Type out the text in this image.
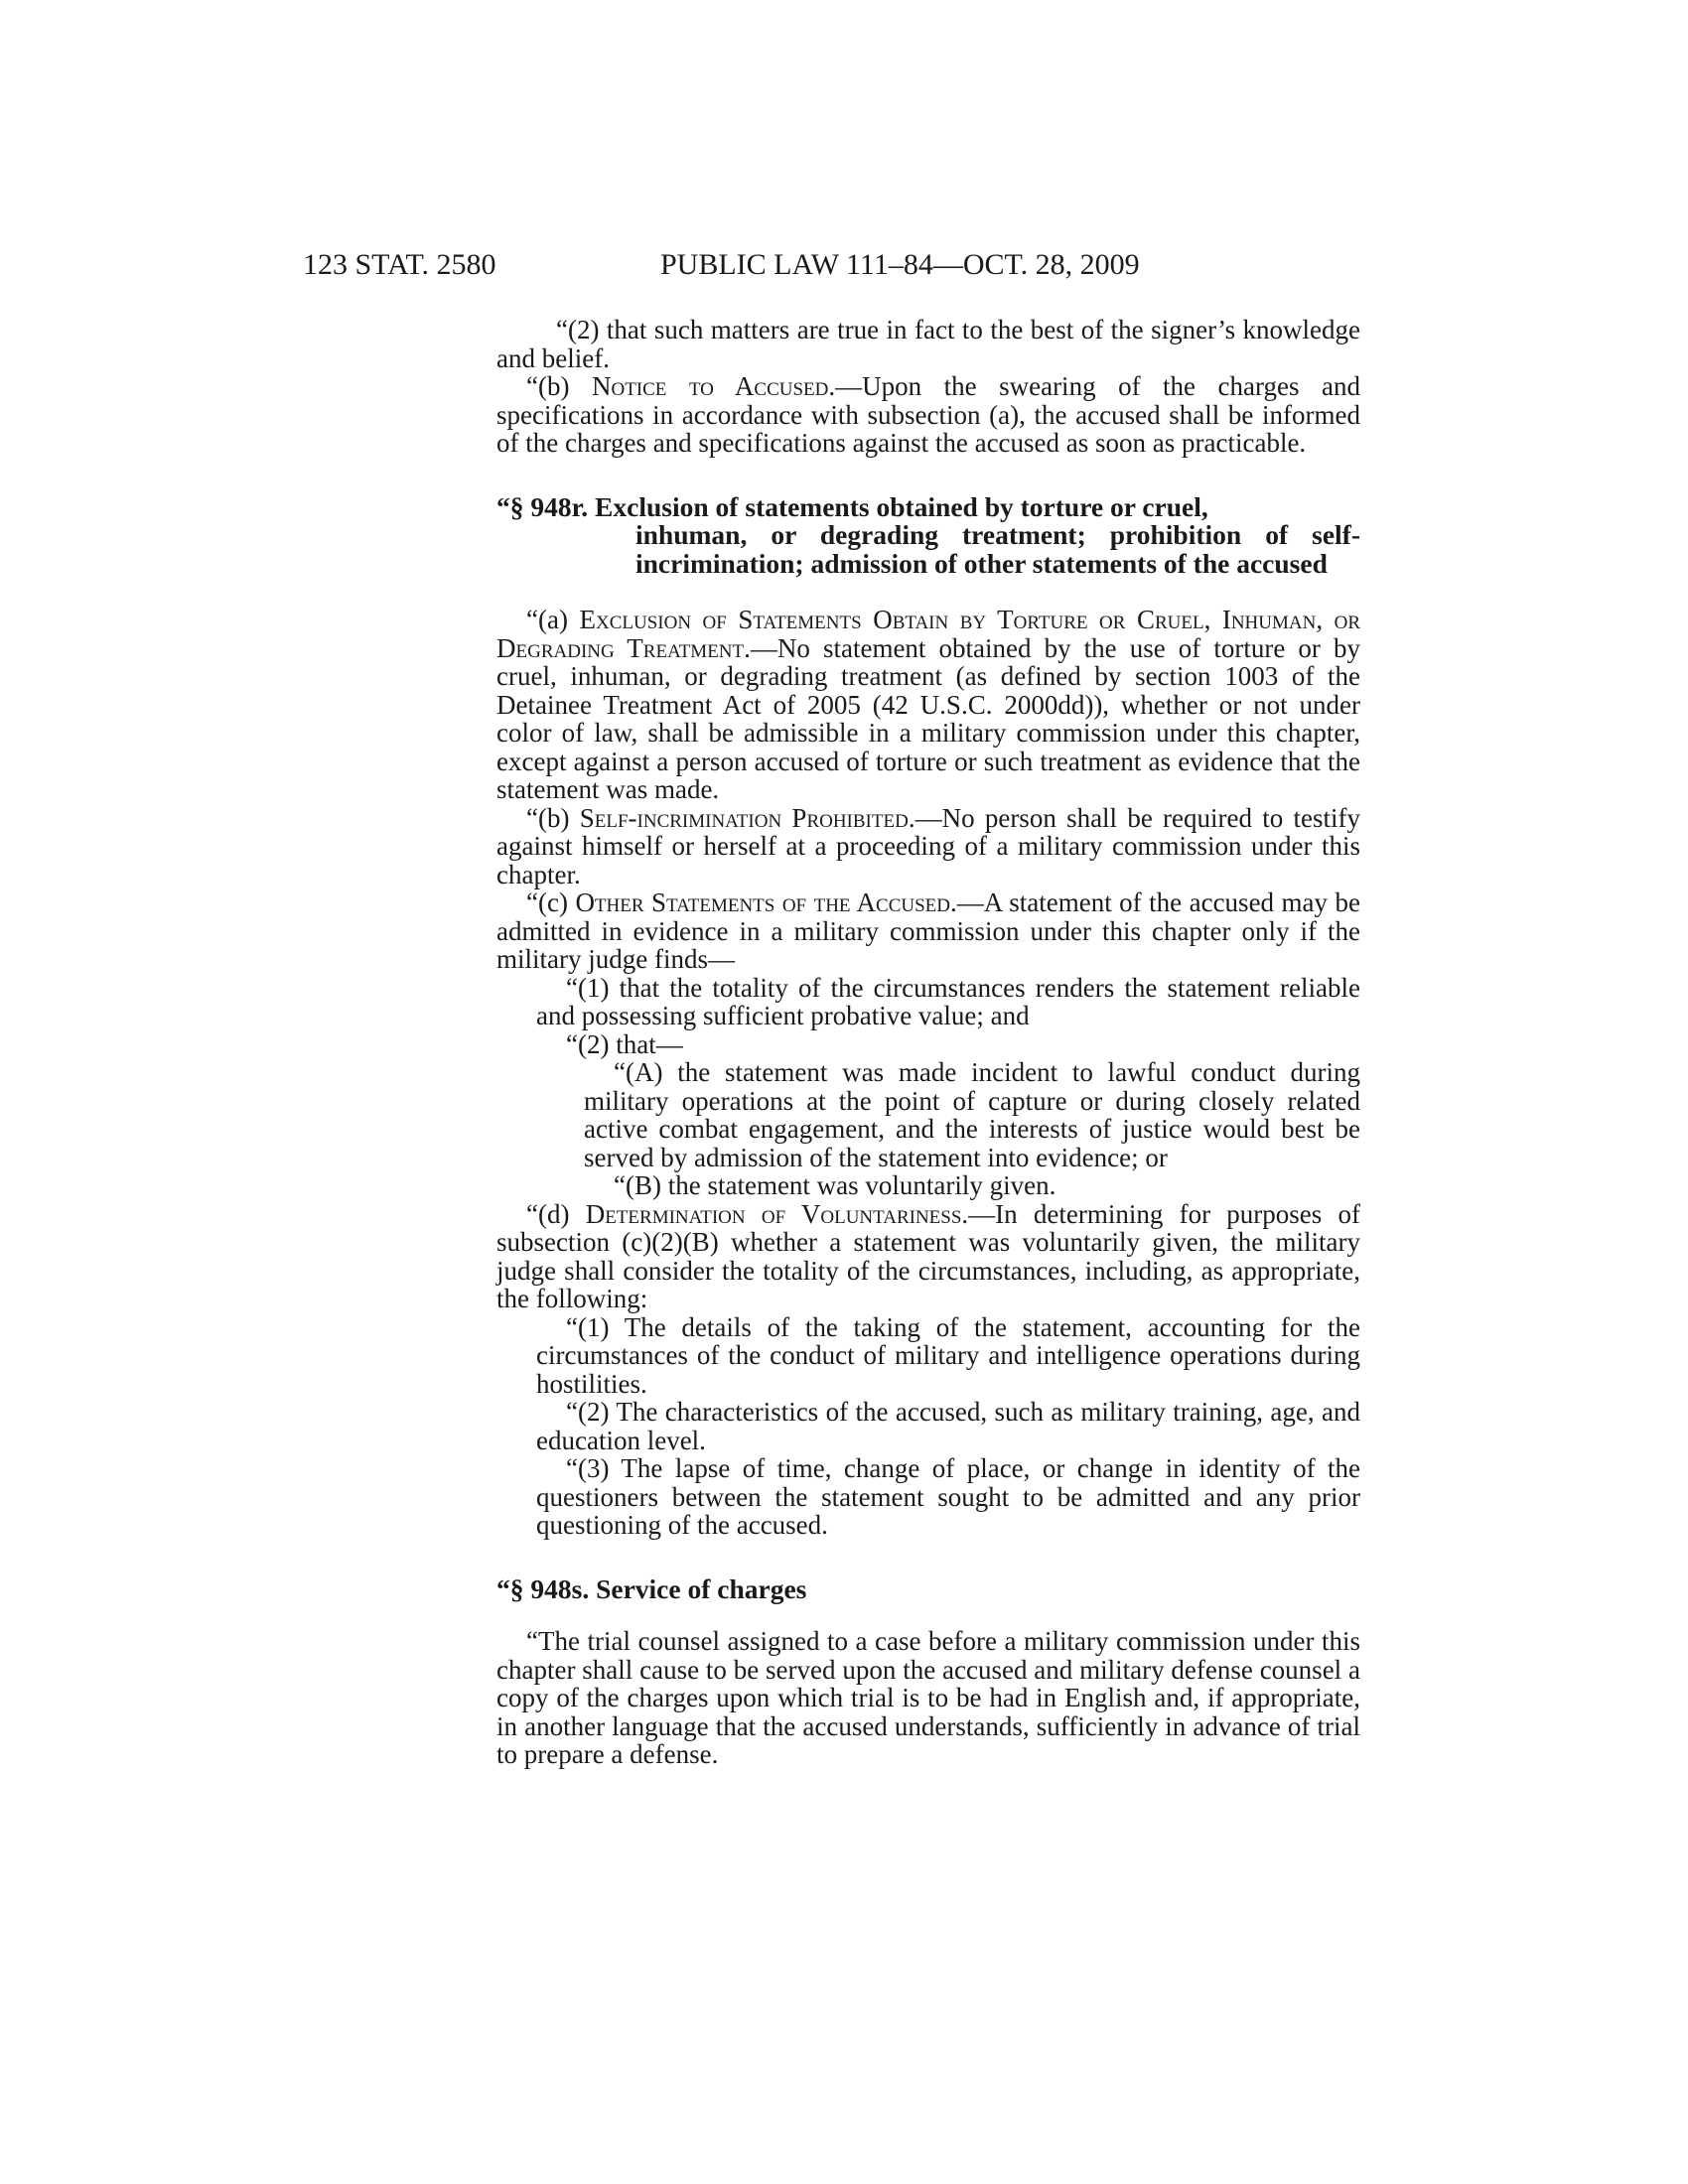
123 STAT. 2580	PUBLIC LAW 111–84—OCT. 28, 2009

“(2) that such matters are true in fact to the best of the signer’s knowledge and belief.

“(b) Notice to Accused.—Upon the swearing of the charges and specifications in accordance with subsection (a), the accused shall be informed of the charges and specifications against the accused as soon as practicable.

“§ 948r. Exclusion of statements obtained by torture or cruel,
inhuman, or degrading treatment; prohibition of self-incrimination; admission of other statements of the accused

“(a) Exclusion of Statements Obtain by Torture or Cruel, Inhuman, or Degrading Treatment.—No statement obtained by the use of torture or by cruel, inhuman, or degrading treatment (as defined by section 1003 of the Detainee Treatment Act of 2005 (42 U.S.C. 2000dd)), whether or not under color of law, shall be admissible in a military commission under this chapter, except against a person accused of torture or such treatment as evidence that the statement was made.

“(b) Self-incrimination Prohibited.—No person shall be required to testify against himself or herself at a proceeding of a military commission under this chapter.

“(c) Other Statements of the Accused.—A statement of the accused may be admitted in evidence in a military commission under this chapter only if the military judge finds—

“(1) that the totality of the circumstances renders the statement reliable and possessing sufficient probative value; and

“(2) that—

“(A) the statement was made incident to lawful conduct during military operations at the point of capture or during closely related active combat engagement, and the interests of justice would best be served by admission of the statement into evidence; or

“(B) the statement was voluntarily given.

“(d) Determination of Voluntariness.—In determining for purposes of subsection (c)(2)(B) whether a statement was voluntarily given, the military judge shall consider the totality of the circumstances, including, as appropriate, the following:

“(1) The details of the taking of the statement, accounting for the circumstances of the conduct of military and intelligence operations during hostilities.

“(2) The characteristics of the accused, such as military training, age, and education level.

“(3) The lapse of time, change of place, or change in identity of the questioners between the statement sought to be admitted and any prior questioning of the accused.

“§ 948s. Service of charges

“The trial counsel assigned to a case before a military commission under this chapter shall cause to be served upon the accused and military defense counsel a copy of the charges upon which trial is to be had in English and, if appropriate, in another language that the accused understands, sufficiently in advance of trial to prepare a defense.
